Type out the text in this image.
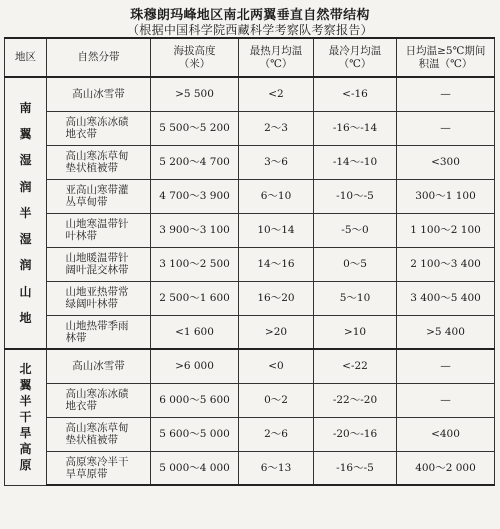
珠穆朗玛峰地区南北两翼垂直自然带结构
（根据中国科学院西藏科学考察队考察报告）
地区	自然分带	海拔高度（米）	最热月均温（℃）	最冷月均温（℃）	日均温≥5℃期间积温（℃）
南翼湿润半湿润山地	高山冰雪带	>5 500	<2	<-16	—
	高山寒冻冰碛地衣带	5 500～5 200	2～3	-16～-14	—
	高山寒冻草甸垫状植被带	5 200～4 700	3～6	-14～-10	<300
	亚高山寒带灌丛草甸带	4 700～3 900	6～10	-10～-5	300～1 100
	山地寒温带针叶林带	3 900～3 100	10～14	-5～0	1 100～2 100
	山地暖温带针阔叶混交林带	3 100～2 500	14～16	0～5	2 100～3 400
	山地亚热带常绿阔叶林带	2 500～1 600	16～20	5～10	3 400～5 400
	山地热带季雨林带	<1 600	>20	>10	>5 400
北翼半干旱高原	高山冰雪带	>6 000	<0	<-22	—
	高山寒冻冰碛地衣带	6 000～5 600	0～2	-22～-20	—
	高山寒冻草甸垫状植被带	5 600～5 000	2～6	-20～-16	<400
	高原寒冷半干旱草原带	5 000～4 000	6～13	-16～-5	400～2 000
